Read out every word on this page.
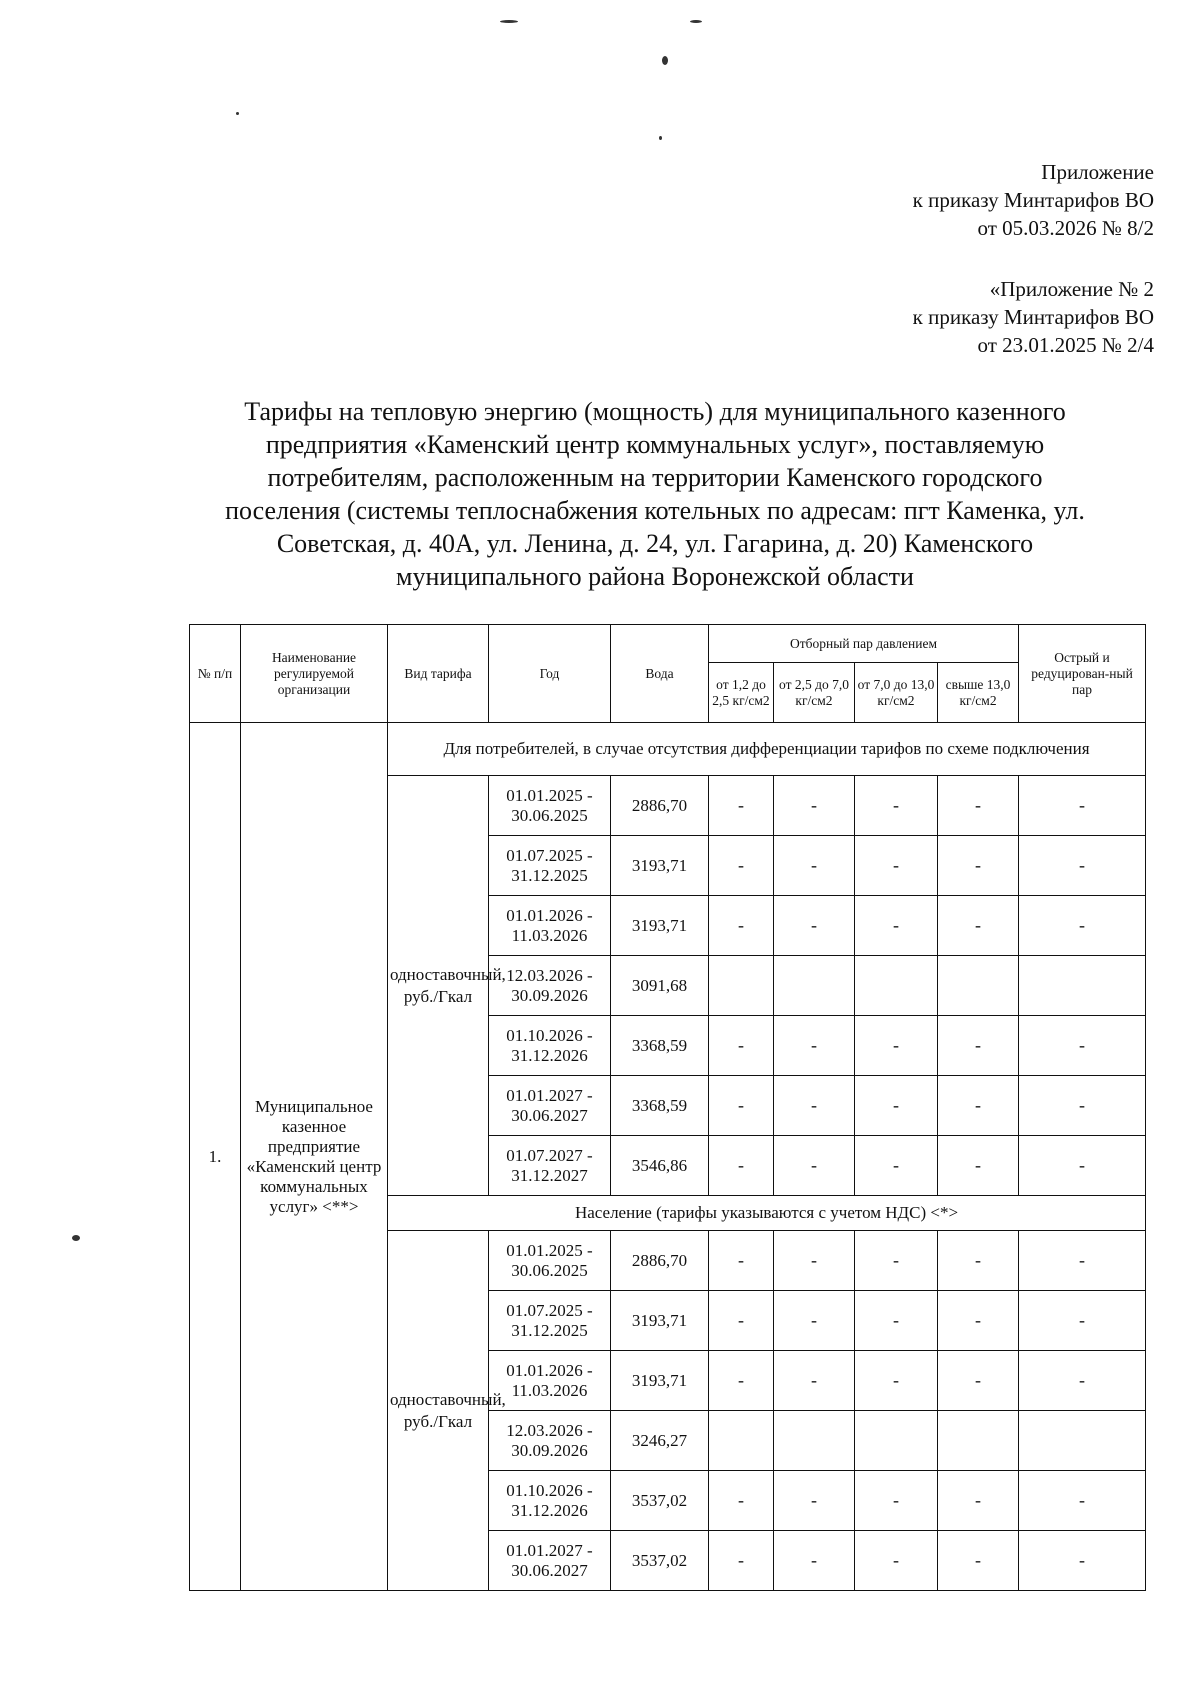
Приложение
к приказу Минтарифов ВО
от 05.03.2026 № 8/2
«Приложение № 2
к приказу Минтарифов ВО
от 23.01.2025 № 2/4
Тарифы на тепловую энергию (мощность) для муниципального казенного
предприятия «Каменский центр коммунальных услуг», поставляемую
потребителям, расположенным на территории Каменского городского
поселения (системы теплоснабжения котельных по адресам: пгт Каменка, ул.
Советская, д. 40А, ул. Ленина, д. 24, ул. Гагарина, д. 20) Каменского
муниципального района Воронежской области
№ п/п	Наименование регулируемой организации	Вид тарифа	Год	Вода	Отборный пар давлением				Острый и редуцирован-ный пар
					от 1,2 до 2,5 кг/см2	от 2,5 до 7,0 кг/см2	от 7,0 до 13,0 кг/см2	свыше 13,0 кг/см2	
1.	Муниципальное казенное предприятие «Каменский центр коммунальных услуг» <**>	Для потребителей, в случае отсутствия дифференциации тарифов по схеме подключения							
		одноставочный, руб./Гкал	01.01.2025 - 30.06.2025	2886,70	-	-	-	-	-
			01.07.2025 - 31.12.2025	3193,71	-	-	-	-	-
			01.01.2026 - 11.03.2026	3193,71	-	-	-	-	-
			12.03.2026 - 30.09.2026	3091,68					
			01.10.2026 - 31.12.2026	3368,59	-	-	-	-	-
			01.01.2027 - 30.06.2027	3368,59	-	-	-	-	-
			01.07.2027 - 31.12.2027	3546,86	-	-	-	-	-
		Население (тарифы указываются с учетом НДС) <*>							
		одноставочный, руб./Гкал	01.01.2025 - 30.06.2025	2886,70	-	-	-	-	-
			01.07.2025 - 31.12.2025	3193,71	-	-	-	-	-
			01.01.2026 - 11.03.2026	3193,71	-	-	-	-	-
			12.03.2026 - 30.09.2026	3246,27					
			01.10.2026 - 31.12.2026	3537,02	-	-	-	-	-
			01.01.2027 - 30.06.2027	3537,02	-	-	-	-	-
